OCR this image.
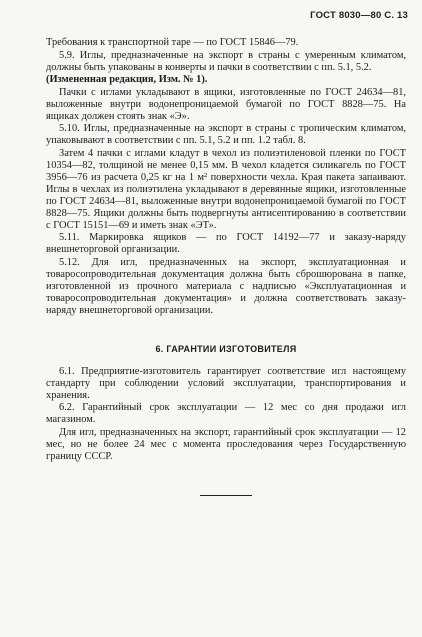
ГОСТ 8030—80 С. 13

Требования к транспортной таре — по ГОСТ 15846—79.

5.9. Иглы, предназначенные на экспорт в страны с умеренным климатом, должны быть упакованы в конверты и пачки в соответствии с пп. 5.1, 5.2.

(Измененная редакция, Изм. № 1).

Пачки с иглами укладывают в ящики, изготовленные по ГОСТ 24634—81, выложенные внутри водонепроницаемой бумагой по ГОСТ 8828—75. На ящиках должен стоять знак «Э».

5.10. Иглы, предназначенные на экспорт в страны с тропическим климатом, упаковывают в соответствии с пп. 5.1, 5.2 и пп. 1.2 табл. 8.

Затем 4 пачки с иглами кладут в чехол из полиэтиленовой пленки по ГОСТ 10354—82, толщиной не менее 0,15 мм. В чехол кладется силикагель по ГОСТ 3956—76 из расчета 0,25 кг на 1 м² поверхности чехла. Края пакета запаивают. Иглы в чехлах из полиэтилена укладывают в деревянные ящики, изготовленные по ГОСТ 24634—81, выложенные внутри водонепроницаемой бумагой по ГОСТ 8828—75. Ящики должны быть подвергнуты антисептированию в соответствии с ГОСТ 15151—69 и иметь знак «ЭТ».

5.11. Маркировка ящиков — по ГОСТ 14192—77 и заказу-наряду внешнеторговой организации.

5.12. Для игл, предназначенных на экспорт, эксплуатационная и товаросопроводительная документация должна быть сброшюрована в папке, изготовленной из прочного материала с надписью «Эксплуатационная и товаросопроводительная документация» и должна соответствовать заказу-наряду внешнеторговой организации.

6. ГАРАНТИИ ИЗГОТОВИТЕЛЯ

6.1. Предприятие-изготовитель гарантирует соответствие игл настоящему стандарту при соблюдении условий эксплуатации, транспортирования и хранения.

6.2. Гарантийный срок эксплуатации — 12 мес со дня продажи игл магазином.

Для игл, предназначенных на экспорт, гарантийный срок эксплуатации — 12 мес, но не более 24 мес с момента проследования через Государственную границу СССР.
